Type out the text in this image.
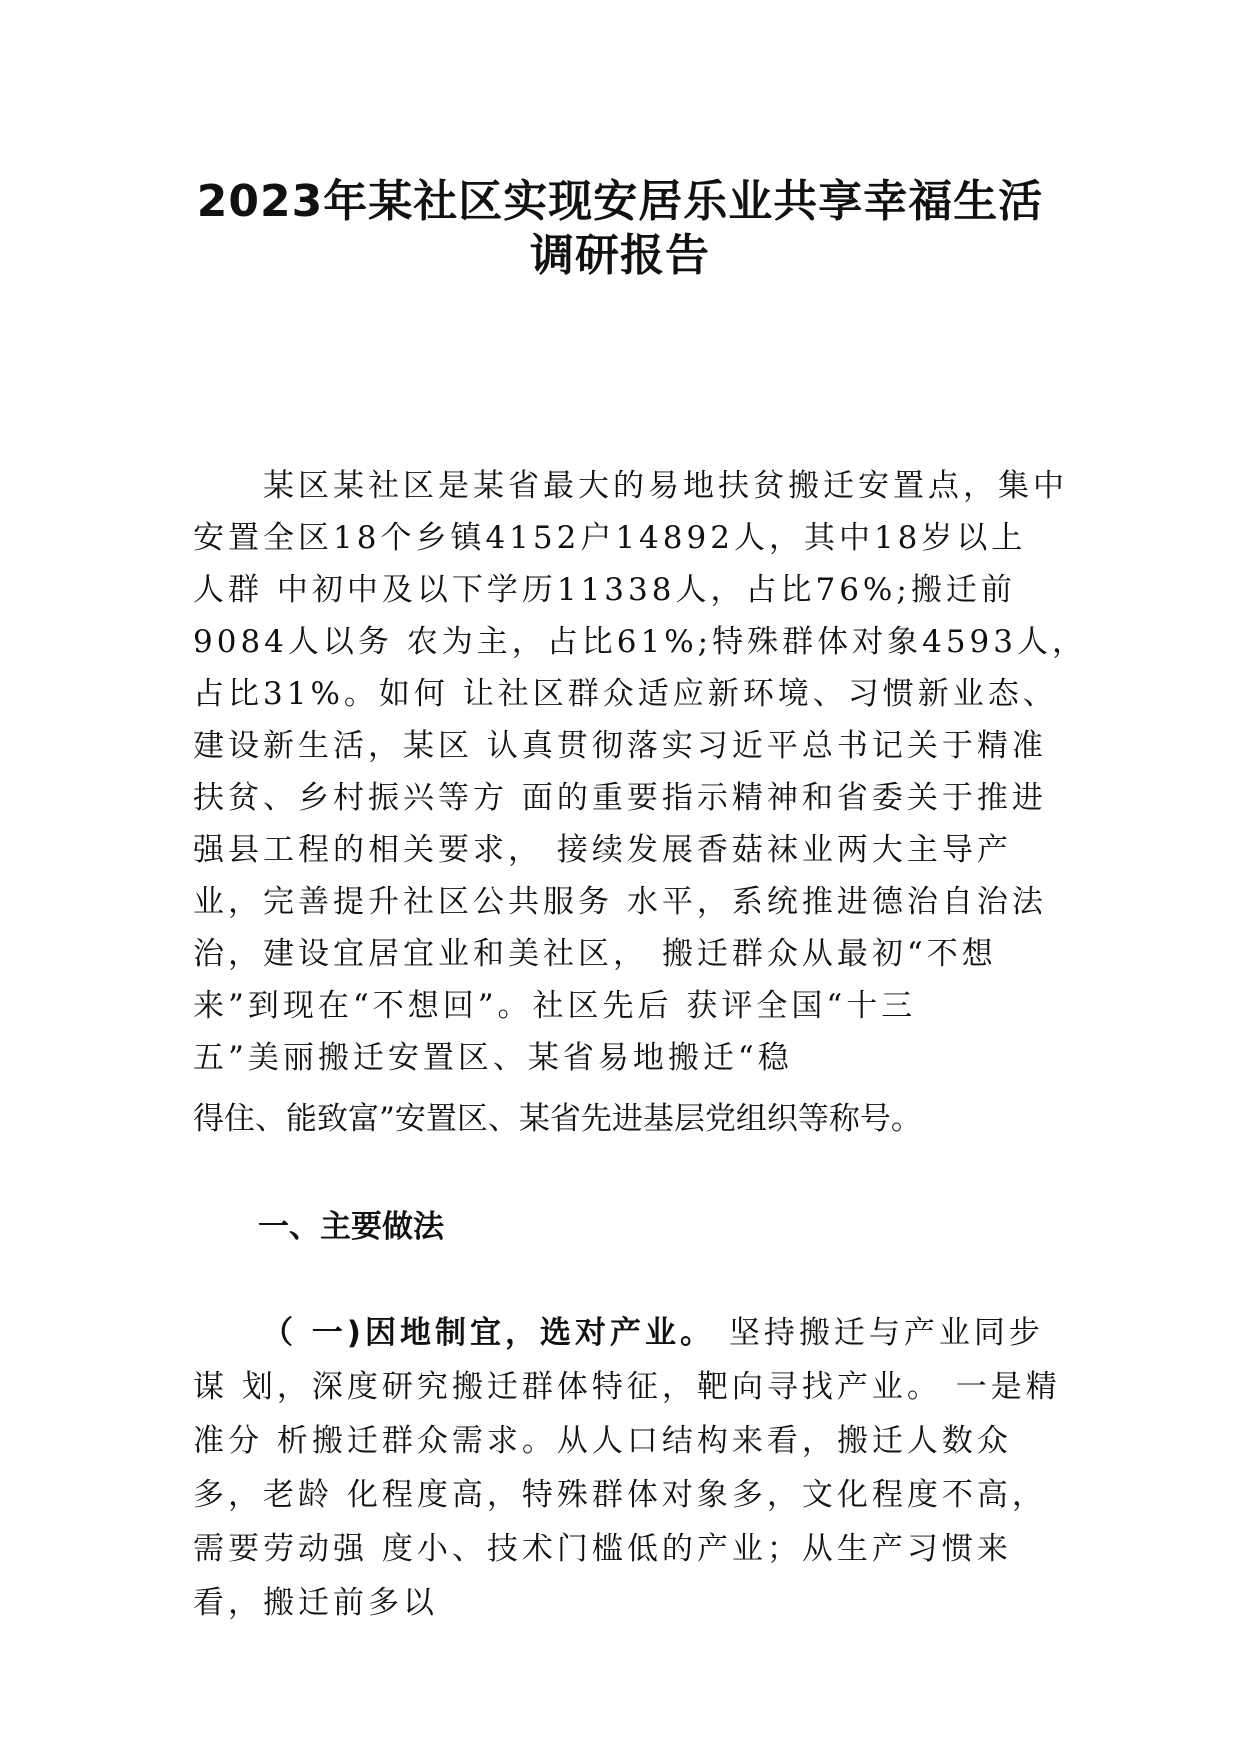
2023年某社区实现安居乐业共享幸福生活
调研报告

　　某区某社区是某省最大的易地扶贫搬迁安置点，集中

安置全区18个乡镇4152户14892人，其中18岁以上

人群 中初中及以下学历11338人，占比76%;搬迁前

9084人以务 农为主，占比61%;特殊群体对象4593人，

占比31%。如何 让社区群众适应新环境、习惯新业态、

建设新生活，某区 认真贯彻落实习近平总书记关于精准

扶贫、乡村振兴等方 面的重要指示精神和省委关于推进

强县工程的相关要求， 接续发展香菇袜业两大主导产

业，完善提升社区公共服务 水平，系统推进德治自治法

治，建设宜居宜业和美社区， 搬迁群众从最初“不想

来”到现在“不想回”。社区先后 获评全国“十三

五”美丽搬迁安置区、某省易地搬迁“稳

得住、能致富”安置区、某省先进基层党组织等称号。

一、主要做法

（ 一)因地制宜，选对产业。 坚持搬迁与产业同步

谋 划，深度研究搬迁群体特征，靶向寻找产业。 一是精

准分 析搬迁群众需求。从人口结构来看，搬迁人数众

多，老龄 化程度高，特殊群体对象多，文化程度不高，

需要劳动强 度小、技术门槛低的产业；从生产习惯来

看，搬迁前多以
